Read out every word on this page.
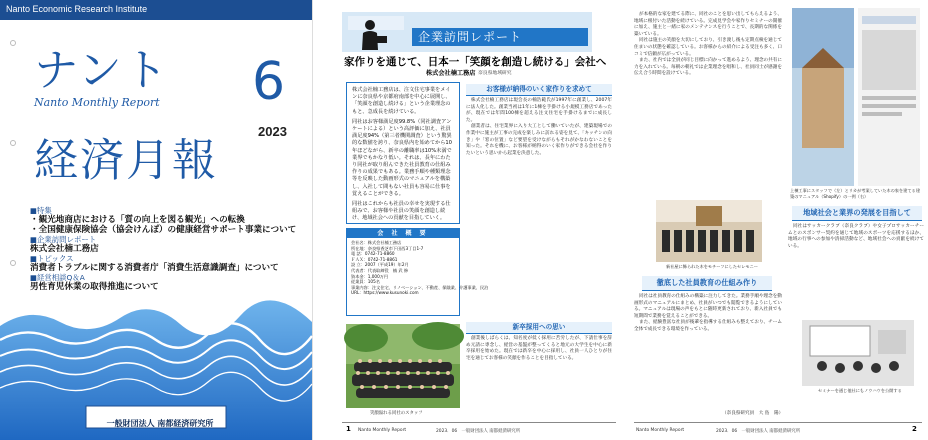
Nanto Economic Research Institute
ナント 6
Nanto Monthly Report
経済月報
2023
■ 特集
・ 観光地商店における「質の向上を図る観光」への転換
・ 全国健康保険協会（協会けんぽ）の健康経営サポート事業について
■ 企業訪問レポート
株式会社楠工務店
■ トピックス
消費者トラブルに関する消費者庁「消費生活意識調査」について
■ 経営相談Q＆A
男性育児休業の取得推進について
一般財団法人 南都経済研究所
企業訪問レポート
家作りを通じて、日本一「笑顔を創造し続ける」会社へ
株式会社楠工務店 奈良県地域研究

株式会社楠工務店は、注文住宅事業をメインに奈良県や京都府南部を中心に展開し、「笑顔を創造し続ける」という企業理念のもと、急成長を続けている。

同社はお客様満足度99.8%（同社調査アンケートによる）という高評価に加え、社員満足度94%（第三者機関調査）という驚異的な数値を誇り、奈良県内を始めてから10年ほどながら、新卒の離職率は10%未満で業界でもかなり低い。それは、長年にわたり同社が取り組んできた社員教育の仕組み作りの成果でもある。業務手順や種類理念等を反映した動画形式のマニュアルを構築し、入社して間もない社員も容易に仕事を覚えることができる。

同社はこれからも社員の幸せを実現する仕組みで、お客様や社員の笑顔を創造し続け、地域社会への貢献を目指していく。

会 社 概 要
会社名：株式会社楠工務店
所在地：奈良県香芝市下田西3丁目1-7
電 話：0742-71-8860
ＦＡＸ：0742-71-8861
設 立：2007（平成19）年2月
代表者：代表取締役　楠 武 修
資本金：1,000万円
従業員：105名
事業内容：注文住宅、リノベーション、不動産、保険業、介護事業、民泊
URL：https://www.kusunoki.com
笑顔溢れる同社のスタッフ
お客様が納得のいく家作りを求めて

株式会社楠工務店は現会長の楠浩範氏が1997年に創業し、2007年に法人化した。創業当初は1年に1棟を手掛ける小規模工務店であったが、現在では年間100棟を超える注文住宅を手掛けるまでに成長した。

創業者は、住宅業界に入り大工として働いていたが、建築現場での作業中に施主が工事の完成を楽しみに訪れる姿を見て、「キッチンの向き」や「窓の位置」など要望を受けながらもそれがかなわないことを知った。それを機に、お客様が納得のいく家作りができる会社を作りたいという思いから起業を決意した。

新卒採用への思い

創業後しばらくは、知名度が低く採用に苦労したが、下請仕事を辞め元請に専念し、経営の基盤が整ってくると地元の大学生を中心に新卒採用を始めた。現在では新卒を中心に採用し、社員一人ひとりが住宅を通じてお客様の笑顔を作ることを目指している。

1 Nanto Monthly Report	2023．06　一般財団法人 南都経済研究所

が本格的な家を建てる際に、同社のことを思い出してもらえるよう、地域に根付いた活動を続けている。完成見学会や家作りセミナーの開催に加え、施主と一緒に家のメンテナンスを行うことで、長期的な関係を築いている。

同社は施主の笑顔を大切にしており、引き渡し後も定期点検を通じて住まいの状態を確認している。お客様からの紹介による受注も多く、口コミで信頼が広がっている。

また、社内では全員が同じ目標に向かって進めるよう、理念の共有に力を入れている。毎朝の朝礼では企業理念を唱和し、社員同士が感謝を伝え合う時間を設けている。

新社屋に飾られた木をモチーフにしたセレモニー
徹底した社員教育の仕組み作り

同社は社員教育の仕組みの構築に注力してきた。業務手順や理念を動画形式のマニュアルにまとめ、社員がいつでも閲覧できるようにしている。マニュアルは現場の声をもとに随時更新されており、新入社員でも短期間で業務を覚えることができる。

また、経験豊富な社員が後輩を指導する仕組みも整えており、チーム全体で成長できる環境を作っている。

（奈良県研究員　大 島　陽）
上棟工事にスタッフで（左）とリカが考案していた木の家を建てる建築のマニュアル（Shopify）の一例（右）
地域社会と業界の発展を目指して

同社はサッカークラブ（奈良クラブ）や女子プロサッカーチームとのスポンサー契約を通じて地域のスポーツを応援するほか、地域の行事への参加や清掃活動など、地域社会への貢献を続けている。

セミナーを通じ他社にもノウハウを公開する
Nanto Monthly Report	2023．06　一般財団法人 南都経済研究所	2
